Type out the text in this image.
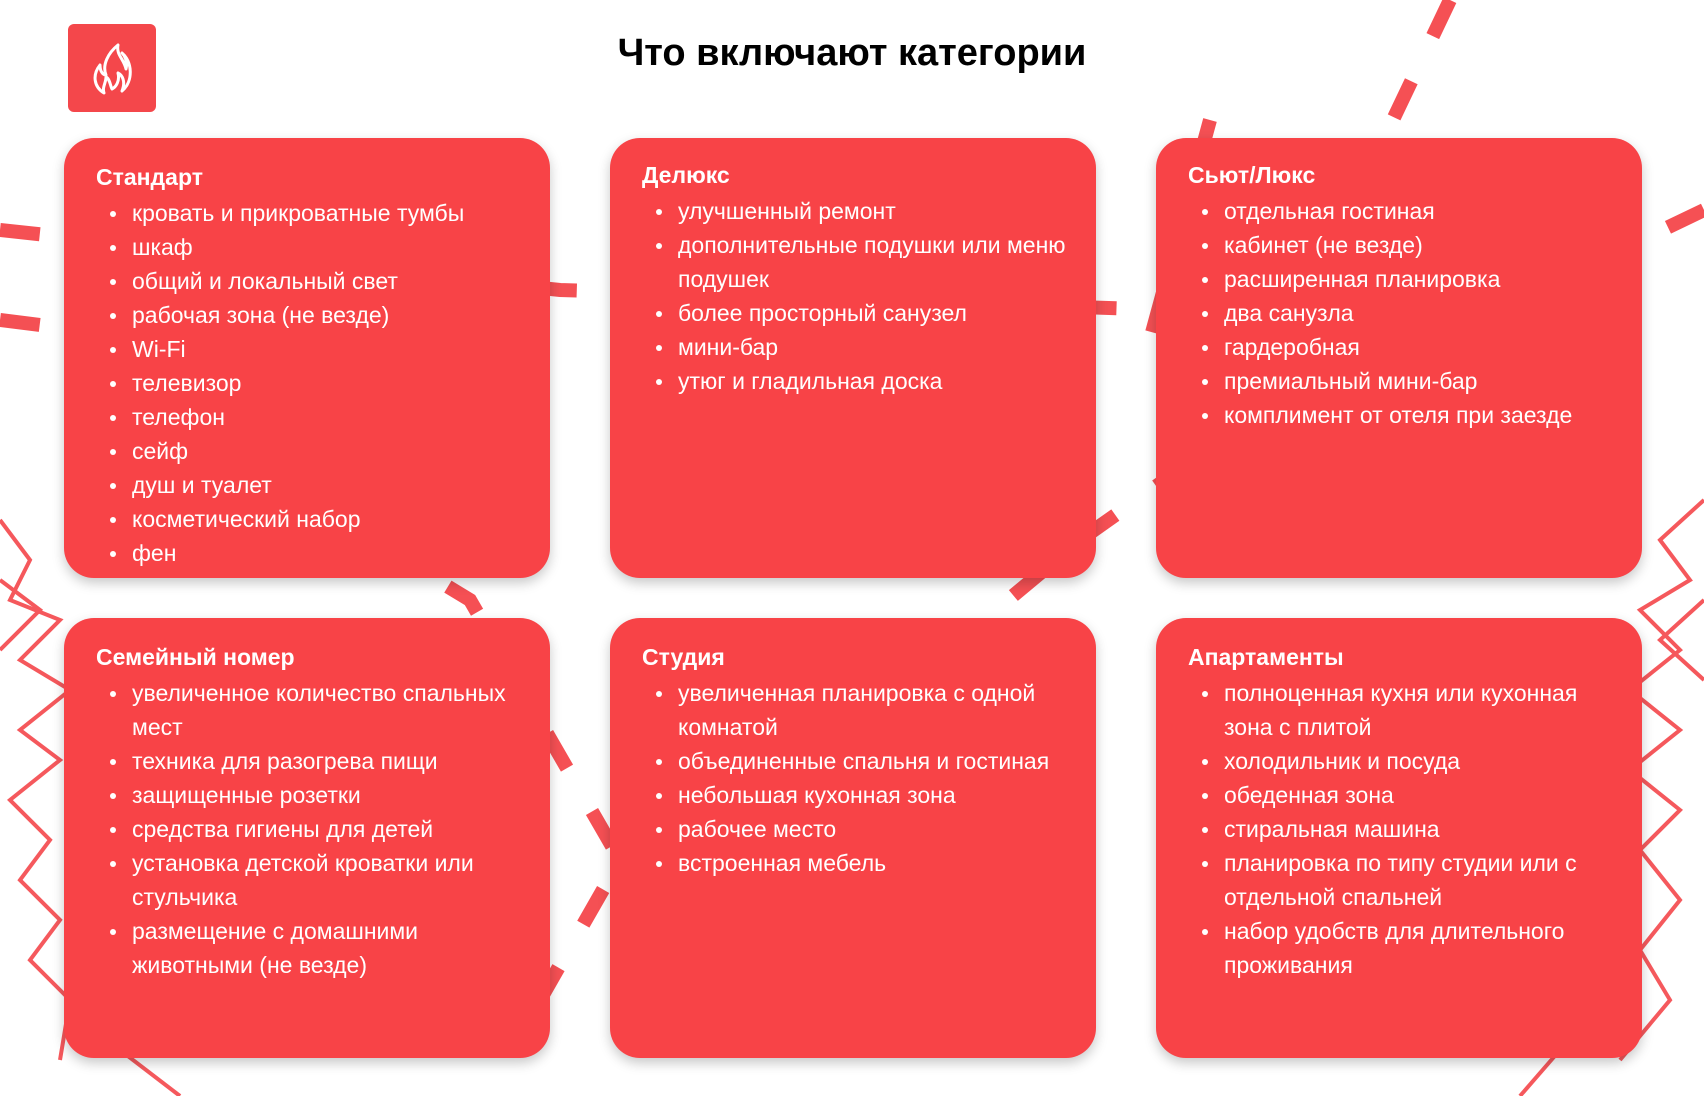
Что включают категории
Стандарт
кровать и прикроватные тумбы
шкаф
общий и локальный свет
рабочая зона (не везде)
Wi-Fi
телевизор
телефон
сейф
душ и туалет
косметический набор
фен
Делюкс
улучшенный ремонт
дополнительные подушки или меню подушек
более просторный санузел
мини-бар
утюг и гладильная доска
Сьют/Люкс
отдельная гостиная
кабинет (не везде)
расширенная планировка
два санузла
гардеробная
премиальный мини-бар
комплимент от отеля при заезде
Семейный номер
увеличенное количество спальных мест
техника для разогрева пищи
защищенные розетки
средства гигиены для детей
установка детской кроватки или стульчика
размещение с домашними животными (не везде)
Студия
увеличенная планировка с одной комнатой
объединенные спальня и гостиная
небольшая кухонная зона
рабочее место
встроенная мебель
Апартаменты
полноценная кухня или кухонная зона с плитой
холодильник и посуда
обеденная зона
стиральная машина
планировка по типу студии или с отдельной спальней
набор удобств для длительного проживания
